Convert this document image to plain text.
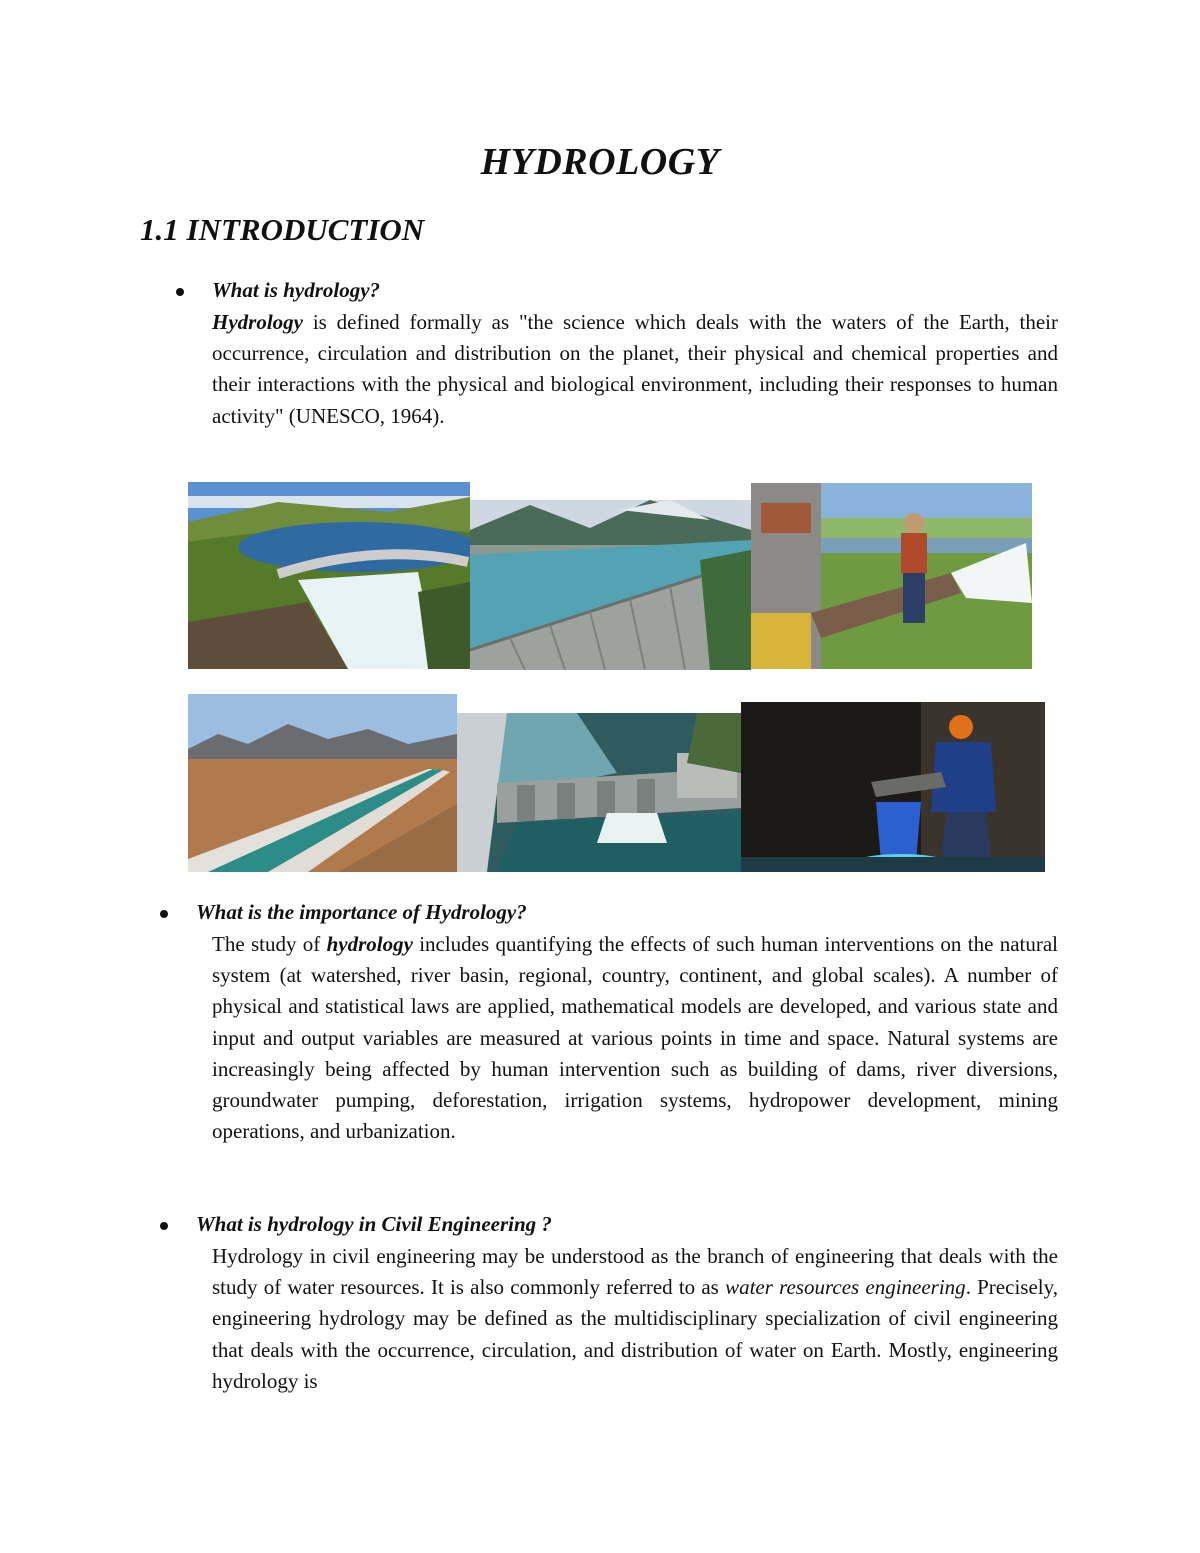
HYDROLOGY
1.1 INTRODUCTION
What is hydrology?
Hydrology is defined formally as "the science which deals with the waters of the Earth, their occurrence, circulation and distribution on the planet, their physical and chemical properties and their interactions with the physical and biological environment, including their responses to human activity" (UNESCO, 1964).
What is the importance of Hydrology?
The study of hydrology includes quantifying the effects of such human interventions on the natural system (at watershed, river basin, regional, country, continent, and global scales). A number of physical and statistical laws are applied, mathematical models are developed, and various state and input and output variables are measured at various points in time and space. Natural systems are increasingly being affected by human intervention such as building of dams, river diversions, groundwater pumping, deforestation, irrigation systems, hydropower development, mining operations, and urbanization.
What is hydrology in Civil Engineering ?
Hydrology in civil engineering may be understood as the branch of engineering that deals with the study of water resources. It is also commonly referred to as water resources engineering. Precisely, engineering hydrology may be defined as the multidisciplinary specialization of civil engineering that deals with the occurrence, circulation, and distribution of water on Earth. Mostly, engineering hydrology is
